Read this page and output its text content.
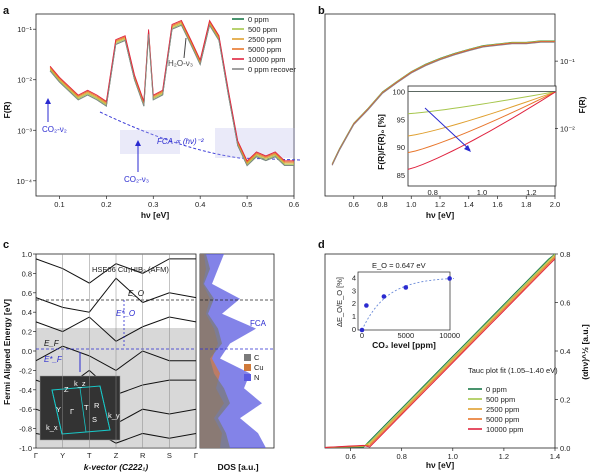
a
CO₂-ν₂
CO₂-ν₃
H₂O-ν₃
FCA ∝ (hν)⁻²
0 ppm
500 ppm
2500 ppm
5000 ppm
10000 ppm
0 ppm recover
0.1	0.2	0.3	0.4	0.5	0.6
10⁻⁴
10⁻³
10⁻²
10⁻¹
hν [eV]
F(R)
b
F(R)/F(R)₀ [%]
0.8	1.0	1.2
85
90
95
100
0.6 0.8 1.0 1.2 1.4 1.6 1.8 2.0
10⁻²
10⁻¹
hν [eV]
F(R)
c
HSE06 Cu₃HIB₂ (AFM)
E_F
E*_F
E_O
E*_O
Z
Y Γ T R
S
k_z
k_x
k_y
FCA
C
Cu
N
-1.0
-0.8
-0.6
-0.4
-0.2
0.0
0.2
0.4
0.6
0.8
1.0
Γ	Y	T	Z	R	S	Γ
k-vector (C222₁)	DOS [a.u.]
Fermi Aligned Energy [eV]
d
0	5000	10000
0
1
2
3
4
E_O = 0.647 eV
CO₂ level [ppm]
ΔE_O/E_O [%]
Tauc plot fit (1.05–1.40 eV)
0 ppm
500 ppm
2500 ppm
5000 ppm
10000 ppm
0.6	0.8	1.0	1.2	1.4
0.0
0.2
0.4
0.6
0.8
hν [eV]
(αhν)^½ [a.u.]
